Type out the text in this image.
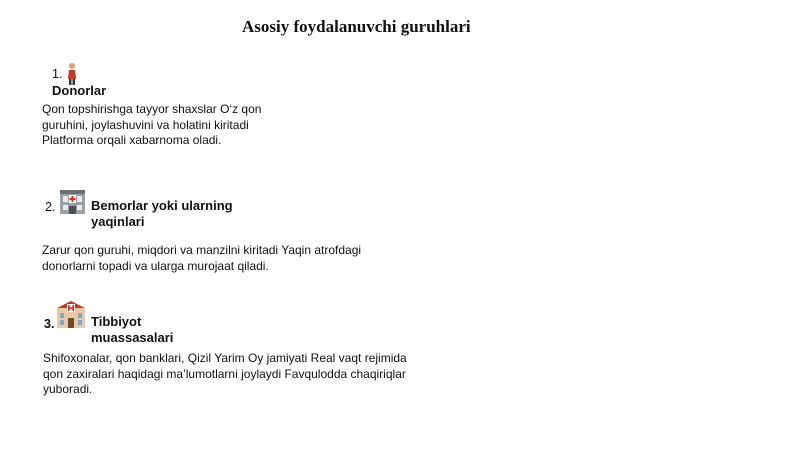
Asosiy foydalanuvchi guruhlari
1.
Donorlar
Qon topshirishga tayyor shaxslar O‘z qon
guruhini, joylashuvini va holatini kiritadi
Platforma orqali xabarnoma oladi.
2.	Bemorlar yoki ularning
yaqinlari
Zarur qon guruhi, miqdori va manzilni kiritadi Yaqin atrofdagi
donorlarni topadi va ularga murojaat qiladi.
3.	Tibbiyot
muassasalari
Shifoxonalar, qon banklari, Qizil Yarim Oy jamiyati Real vaqt rejimida
qon zaxiralari haqidagi ma’lumotlarni joylaydi Favqulodda chaqiriqlar
yuboradi.
